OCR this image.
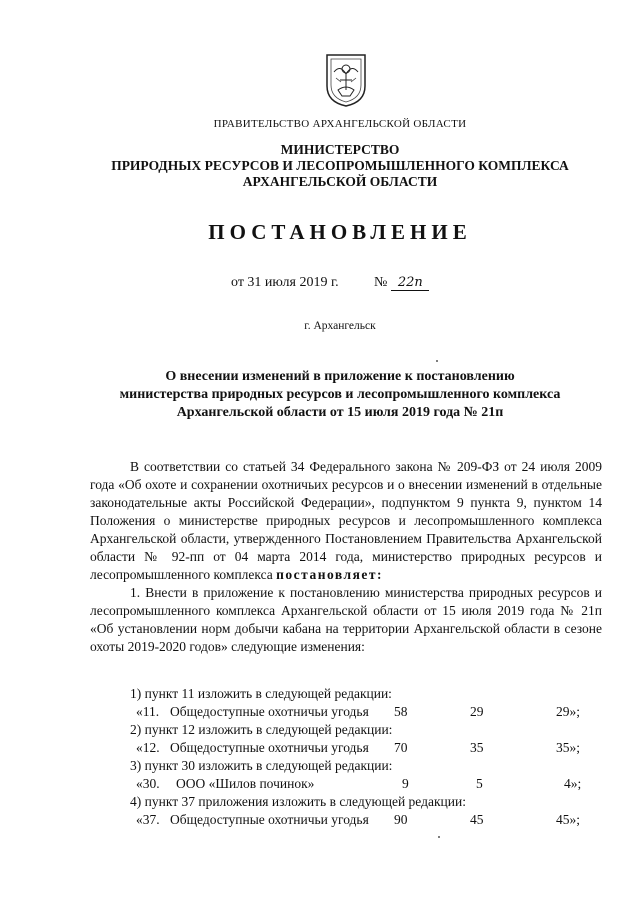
ПРАВИТЕЛЬСТВО АРХАНГЕЛЬСКОЙ ОБЛАСТИ
МИНИСТЕРСТВО
ПРИРОДНЫХ РЕСУРСОВ И ЛЕСОПРОМЫШЛЕННОГО КОМПЛЕКСА
АРХАНГЕЛЬСКОЙ ОБЛАСТИ
ПОСТАНОВЛЕНИЕ
от 31 июля 2019 г.	№ 22п
г. Архангельск
О внесении изменений в приложение к постановлению
министерства природных ресурсов и лесопромышленного комплекса
Архангельской области от 15 июля 2019 года № 21п

В соответствии со статьей 34 Федерального закона № 209-ФЗ от 24 июля 2009 года «Об охоте и сохранении охотничьих ресурсов и о внесении изменений в отдельные законодательные акты Российской Федерации», подпунктом 9 пункта 9, пунктом 14 Положения о министерстве природных ресурсов и лесопромышленного комплекса Архангельской области, утвержденного Постановлением Правительства Архангельской области № 92-пп от 04 марта 2014 года, министерство природных ресурсов и лесопромышленного комплекса постановляет:

1. Внести в приложение к постановлению министерства природных ресурсов и лесопромышленного комплекса Архангельской области от 15 июля 2019 года № 21п «Об установлении норм добычи кабана на территории Архангельской области в сезоне охоты 2019-2020 годов» следующие изменения:

1) пункт 11 изложить в следующей редакции:
«11. Общедоступные охотничьи угодья 58	29	29»;
2) пункт 12 изложить в следующей редакции:
«12. Общедоступные охотничьи угодья 70	35	35»;
3) пункт 30 изложить в следующей редакции:
«30. ООО «Шилов починок»	9	5	4»;
4) пункт 37 приложения изложить в следующей редакции:
«37. Общедоступные охотничьи угодья 90	45	45»;
